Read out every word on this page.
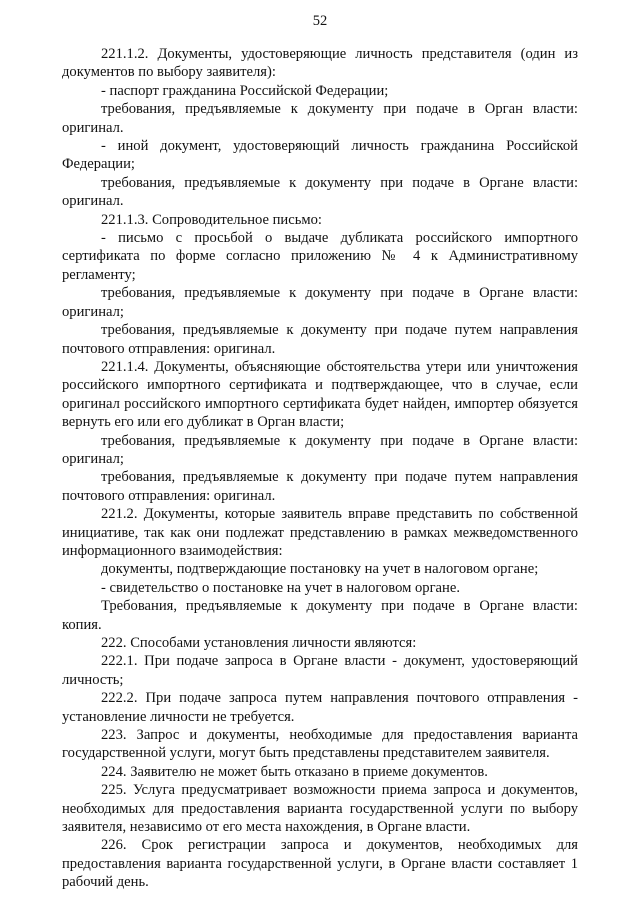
52

221.1.2. Документы, удостоверяющие личность представителя (один из документов по выбору заявителя):

- паспорт гражданина Российской Федерации;

требования, предъявляемые к документу при подаче в Орган власти: оригинал.

- иной документ, удостоверяющий личность гражданина Российской Федерации;

требования, предъявляемые к документу при подаче в Органе власти: оригинал.

221.1.3. Сопроводительное письмо:

- письмо с просьбой о выдаче дубликата российского импортного сертификата по форме согласно приложению № 4 к Административному регламенту;

требования, предъявляемые к документу при подаче в Органе власти: оригинал;

требования, предъявляемые к документу при подаче путем направления почтового отправления: оригинал.

221.1.4. Документы, объясняющие обстоятельства утери или уничтожения российского импортного сертификата и подтверждающее, что в случае, если оригинал российского импортного сертификата будет найден, импортер обязуется вернуть его или его дубликат в Орган власти;

требования, предъявляемые к документу при подаче в Органе власти: оригинал;

требования, предъявляемые к документу при подаче путем направления почтового отправления: оригинал.

221.2. Документы, которые заявитель вправе представить по собственной инициативе, так как они подлежат представлению в рамках межведомственного информационного взаимодействия:

документы, подтверждающие постановку на учет в налоговом органе;

- свидетельство о постановке на учет в налоговом органе.

Требования, предъявляемые к документу при подаче в Органе власти: копия.

222. Способами установления личности являются:

222.1. При подаче запроса в Органе власти - документ, удостоверяющий личность;

222.2. При подаче запроса путем направления почтового отправления - установление личности не требуется.

223. Запрос и документы, необходимые для предоставления варианта государственной услуги, могут быть представлены представителем заявителя.

224. Заявителю не может быть отказано в приеме документов.

225. Услуга предусматривает возможности приема запроса и документов, необходимых для предоставления варианта государственной услуги по выбору заявителя, независимо от его места нахождения, в Органе власти.

226. Срок регистрации запроса и документов, необходимых для предоставления варианта государственной услуги, в Органе власти составляет 1 рабочий день.
